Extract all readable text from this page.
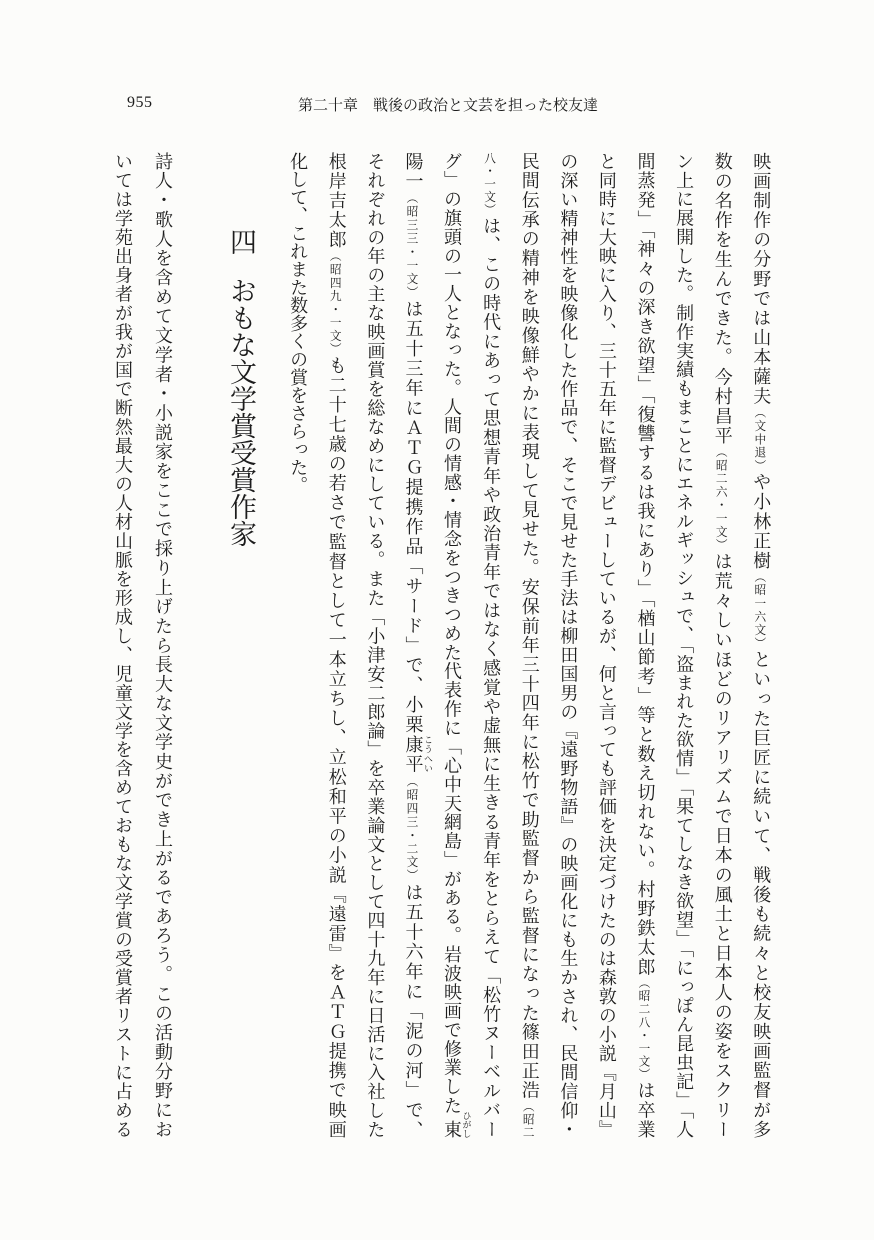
955	第二十章　戦後の政治と文芸を担った校友達
映画制作の分野では山本薩夫（文中退）や小林正樹（昭一六文）といった巨匠に続いて、戦後も続々と校友映画監督が多
数の名作を生んできた。今村昌平（昭二六・一文）は荒々しいほどのリアリズムで日本の風土と日本人の姿をスクリー
ン上に展開した。制作実績もまことにエネルギッシュで、「盗まれた欲情」「果てしなき欲望」「にっぽん昆虫記」「人
間蒸発」「神々の深き欲望」「復讐するは我にあり」「楢山節考」等と数え切れない。村野鉄太郎（昭二八・一文）は卒業
と同時に大映に入り、三十五年に監督デビューしているが、何と言っても評価を決定づけたのは森敦の小説『月山』
の深い精神性を映像化した作品で、そこで見せた手法は柳田国男の『遠野物語』の映画化にも生かされ、民間信仰・
民間伝承の精神を映像鮮やかに表現して見せた。安保前年三十四年に松竹で助監督から監督になった篠田正浩（昭二
八・一文）は、この時代にあって思想青年や政治青年ではなく感覚や虚無に生きる青年をとらえて「松竹ヌーベルバー
グ」の旗頭の一人となった。人間の情感・情念をつきつめた代表作に「心中天網島」がある。岩波映画で修業した東ひがし
陽一（昭三三・一文）は五十三年にＡＴＧ提携作品「サード」で、小栗康平こうへい（昭四三・二文）は五十六年に「泥の河」で、
それぞれの年の主な映画賞を総なめにしている。また「小津安二郎論」を卒業論文として四十九年に日活に入社した
根岸吉太郎（昭四九・一文）も二十七歳の若さで監督として一本立ちし、立松和平の小説『遠雷』をＡＴＧ提携で映画
化して、これまた数多くの賞をさらった。
四おもな文学賞受賞作家
詩人・歌人を含めて文学者・小説家をここで採り上げたら長大な文学史ができ上がるであろう。この活動分野にお
いては学苑出身者が我が国で断然最大の人材山脈を形成し、児童文学を含めておもな文学賞の受賞者リストに占める
